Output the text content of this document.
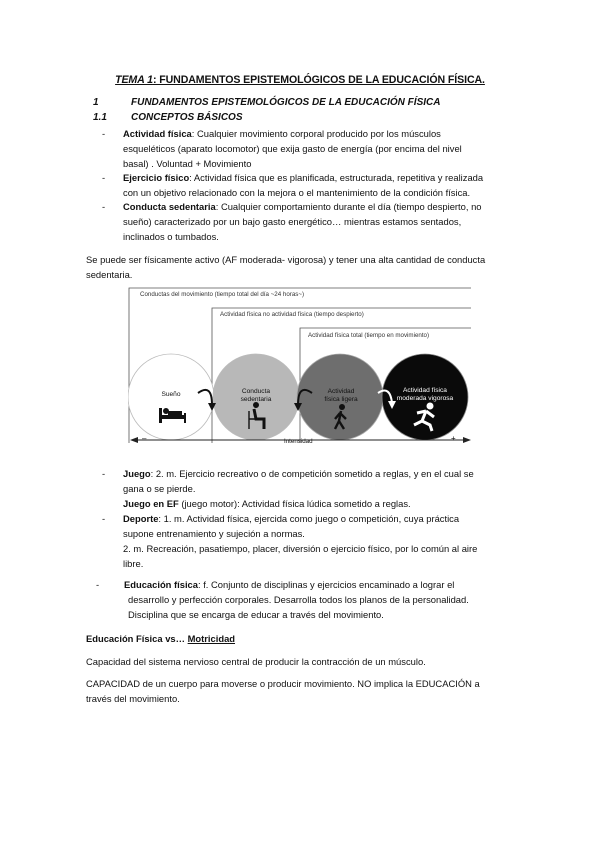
TEMA 1: FUNDAMENTOS EPISTEMOLÓGICOS DE LA EDUCACIÓN FÍSICA.
1	FUNDAMENTOS EPISTEMOLÓGICOS DE LA EDUCACIÓN FÍSICA
1.1 CONCEPTOS BÁSICOS
-	Actividad física: Cualquier movimiento corporal producido por los músculos
esqueléticos (aparato locomotor) que exija gasto de energía (por encima del nivel
basal) . Voluntad + Movimiento
-	Ejercicio físico: Actividad física que es planificada, estructurada, repetitiva y realizada
con un objetivo relacionado con la mejora o el mantenimiento de la condición física.
-	Conducta sedentaria: Cualquier comportamiento durante el día (tiempo despierto, no
sueño) caracterizado por un bajo gasto energético… mientras estamos sentados,
inclinados o tumbados.
Se puede ser físicamente activo (AF moderada- vigorosa) y tener una alta cantidad de conducta
sedentaria.
Conductas del movimiento (tiempo total del día ~24 horas~)
Actividad física no actividad física (tiempo despierto)
Actividad física total (tiempo en movimiento)
Sueño	Conducta sedentaria
Actividad física ligera
Actividad física moderada vigorosa
–	Intensidad	+
-	Juego: 2. m. Ejercicio recreativo o de competición sometido a reglas, y en el cual se
gana o se pierde.
Juego en EF (juego motor): Actividad física lúdica sometido a reglas.
-	Deporte: 1. m. Actividad física, ejercida como juego o competición, cuya práctica
supone entrenamiento y sujeción a normas.
2. m. Recreación, pasatiempo, placer, diversión o ejercicio físico, por lo común al aire
libre.
-	Educación física: f. Conjunto de disciplinas y ejercicios encaminado a lograr el
desarrollo y perfección corporales. Desarrolla todos los planos de la personalidad.
Disciplina que se encarga de educar a través del movimiento.
Educación Física vs… Motricidad
Capacidad del sistema nervioso central de producir la contracción de un músculo.
CAPACIDAD de un cuerpo para moverse o producir movimiento. NO implica la EDUCACIÓN a
través del movimiento.
